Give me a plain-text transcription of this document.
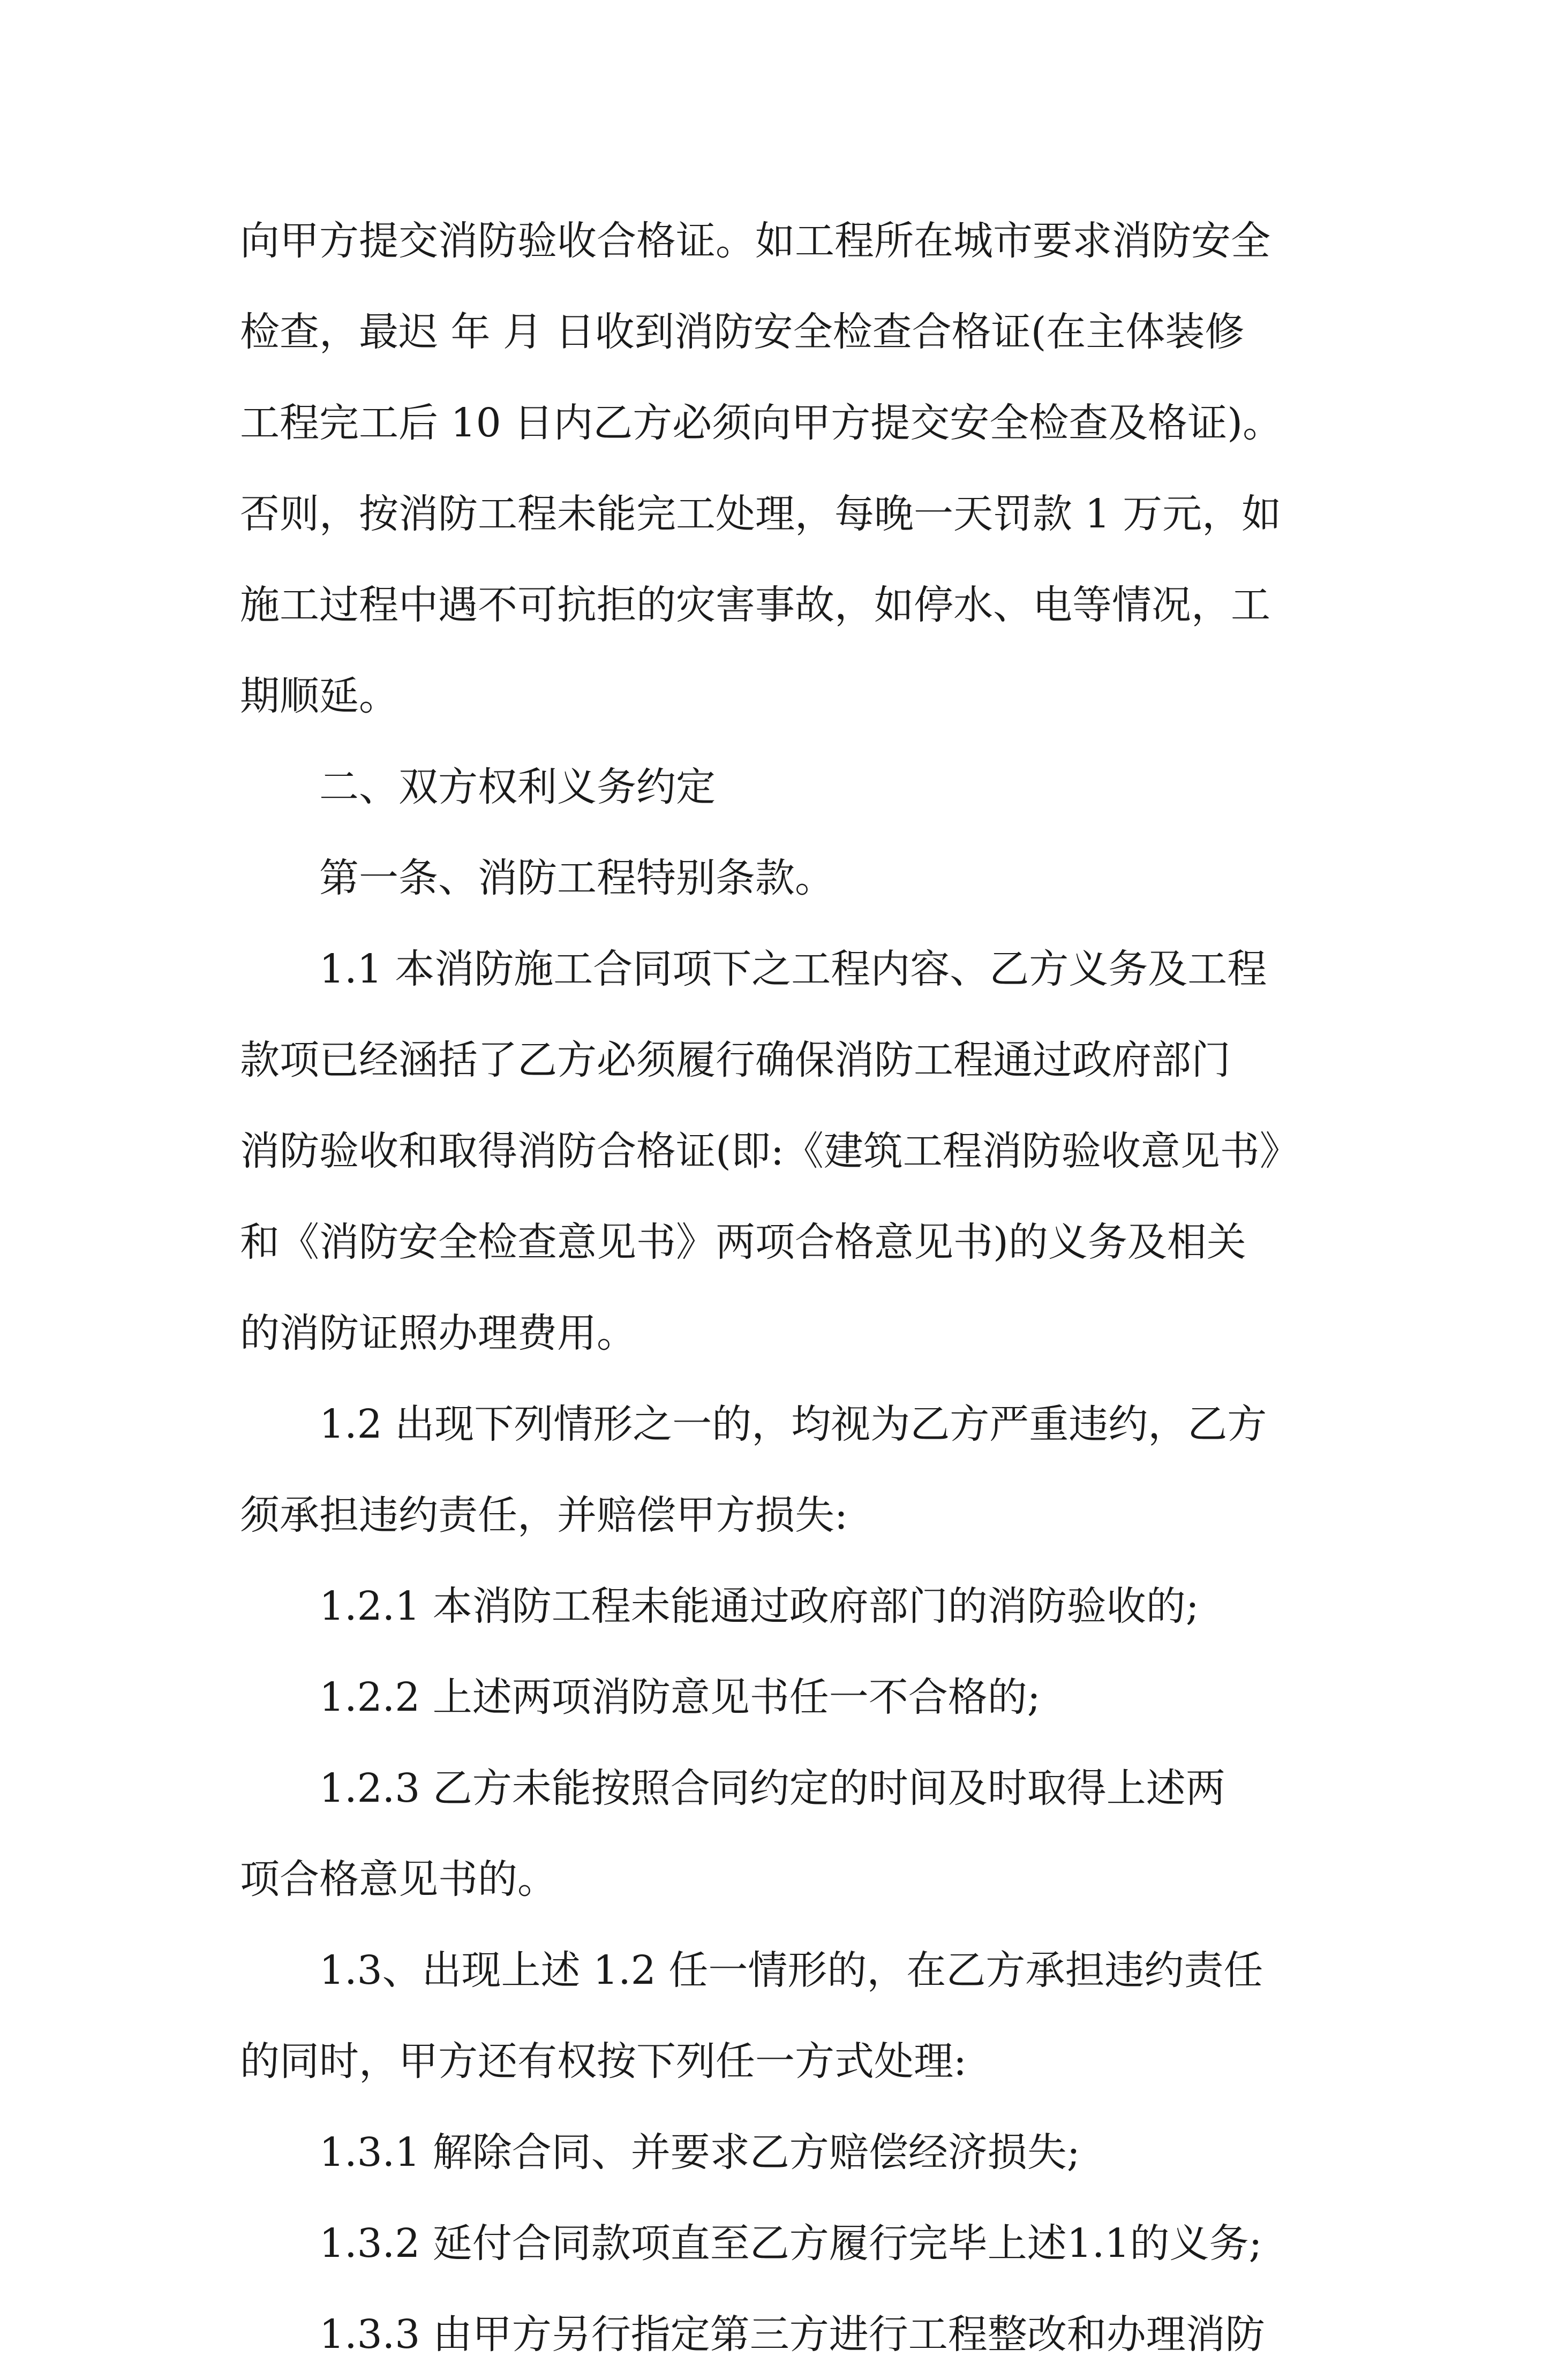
向甲方提交消防验收合格证。如工程所在城市要求消防安全
检查，最迟 年 月 日收到消防安全检查合格证(在主体装修
工程完工后 10 日内乙方必须向甲方提交安全检查及格证)。
否则，按消防工程未能完工处理，每晚一天罚款 1 万元，如
施工过程中遇不可抗拒的灾害事故，如停水、电等情况，工
期顺延。
二、双方权利义务约定
第一条、消防工程特别条款。
1.1 本消防施工合同项下之工程内容、乙方义务及工程
款项已经涵括了乙方必须履行确保消防工程通过政府部门
消防验收和取得消防合格证(即:《建筑工程消防验收意见书》
和《消防安全检查意见书》两项合格意见书)的义务及相关
的消防证照办理费用。
1.2 出现下列情形之一的，均视为乙方严重违约，乙方
须承担违约责任，并赔偿甲方损失:
1.2.1 本消防工程未能通过政府部门的消防验收的;
1.2.2 上述两项消防意见书任一不合格的;
1.2.3 乙方未能按照合同约定的时间及时取得上述两
项合格意见书的。
1.3、出现上述 1.2 任一情形的，在乙方承担违约责任
的同时，甲方还有权按下列任一方式处理:
1.3.1 解除合同、并要求乙方赔偿经济损失;
1.3.2 延付合同款项直至乙方履行完毕上述1.1的义务;
1.3.3 由甲方另行指定第三方进行工程整改和办理消防
